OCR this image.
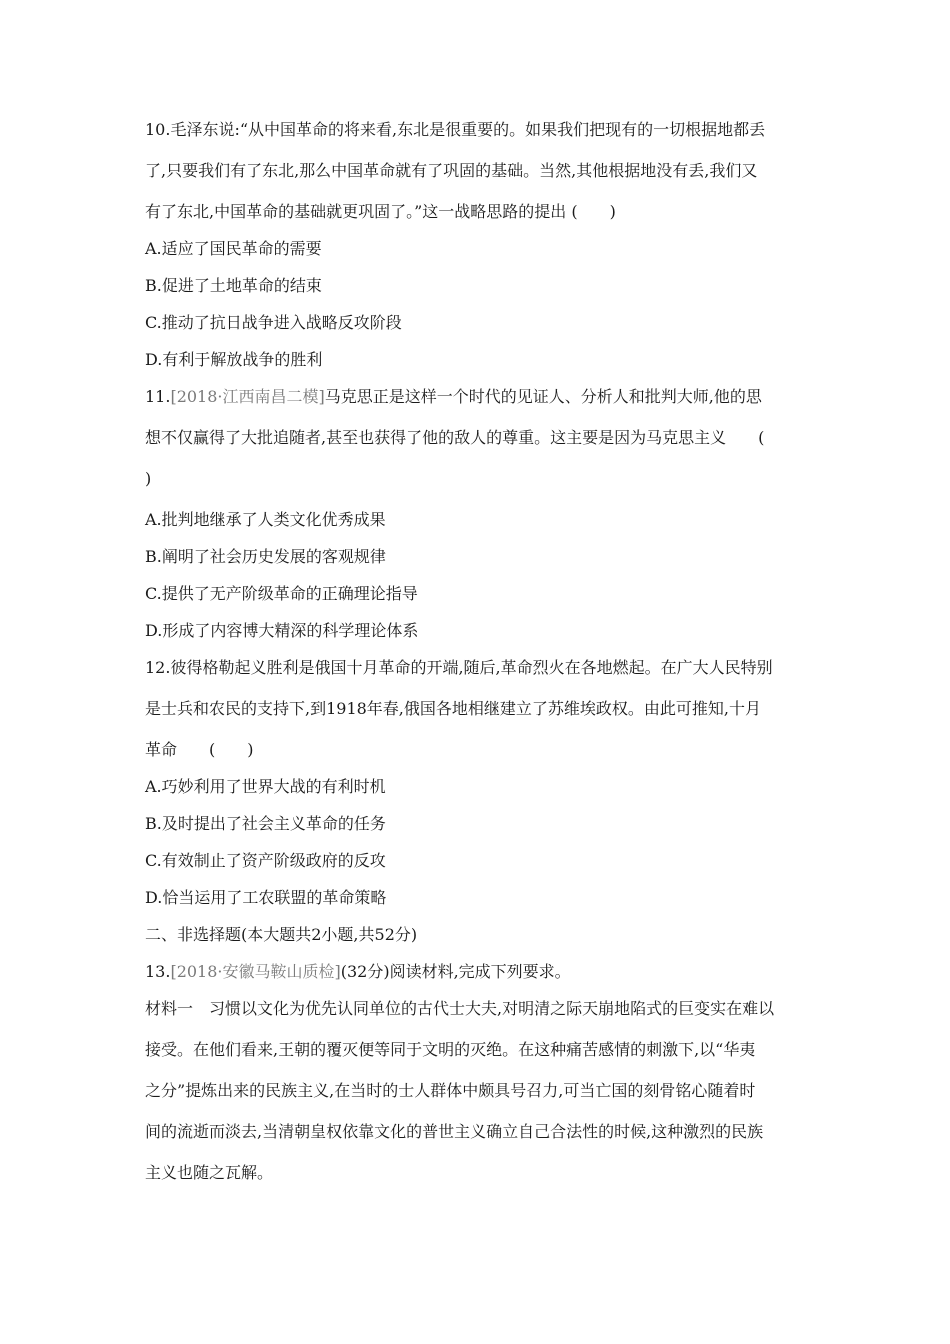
10.毛泽东说:“从中国革命的将来看,东北是很重要的。如果我们把现有的一切根据地都丢

了,只要我们有了东北,那么中国革命就有了巩固的基础。当然,其他根据地没有丢,我们又

有了东北,中国革命的基础就更巩固了。”这一战略思路的提出 (　　)

A.适应了国民革命的需要

B.促进了土地革命的结束

C.推动了抗日战争进入战略反攻阶段

D.有利于解放战争的胜利

11.[2018·江西南昌二模]马克思正是这样一个时代的见证人、分析人和批判大师,他的思

想不仅赢得了大批追随者,甚至也获得了他的敌人的尊重。这主要是因为马克思主义　　(

)

A.批判地继承了人类文化优秀成果

B.阐明了社会历史发展的客观规律

C.提供了无产阶级革命的正确理论指导

D.形成了内容博大精深的科学理论体系

12.彼得格勒起义胜利是俄国十月革命的开端,随后,革命烈火在各地燃起。在广大人民特别

是士兵和农民的支持下,到1918年春,俄国各地相继建立了苏维埃政权。由此可推知,十月

革命　　(　　)

A.巧妙利用了世界大战的有利时机

B.及时提出了社会主义革命的任务

C.有效制止了资产阶级政府的反攻

D.恰当运用了工农联盟的革命策略

二、非选择题(本大题共2小题,共52分)

13.[2018·安徽马鞍山质检](32分)阅读材料,完成下列要求。

材料一　习惯以文化为优先认同单位的古代士大夫,对明清之际天崩地陷式的巨变实在难以

接受。在他们看来,王朝的覆灭便等同于文明的灭绝。在这种痛苦感情的刺激下,以“华夷

之分”提炼出来的民族主义,在当时的士人群体中颇具号召力,可当亡国的刻骨铭心随着时

间的流逝而淡去,当清朝皇权依靠文化的普世主义确立自己合法性的时候,这种激烈的民族

主义也随之瓦解。
